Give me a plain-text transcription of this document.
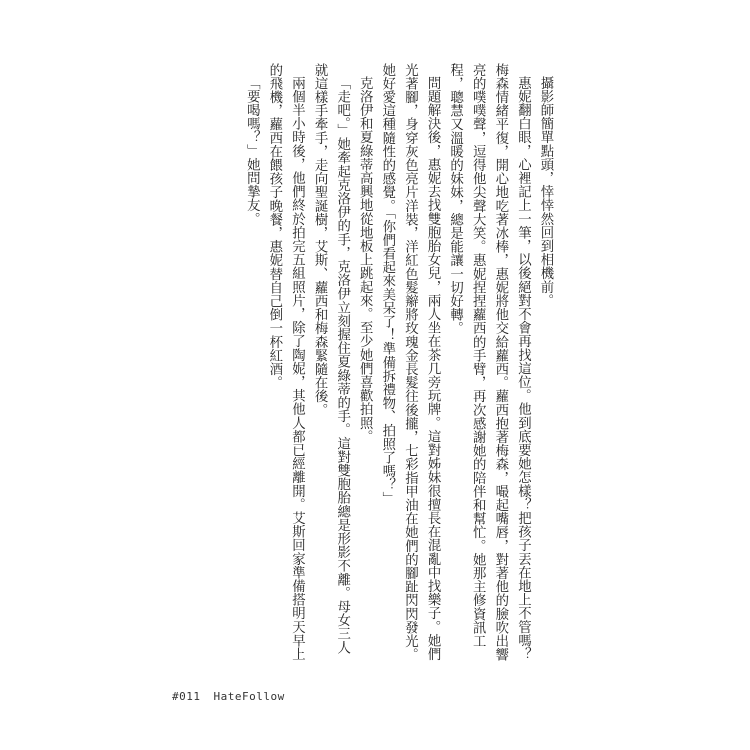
攝影師簡單點頭，悻悻然回到相機前。

惠妮翻白眼，心裡記上一筆，以後絕對不會再找這位。他到底要她怎樣？把孩子丟在地上不管嗎？梅森情緒平復，開心地吃著冰棒，惠妮將他交給蘿西。蘿西抱著梅森，嘬起嘴唇，對著他的臉吹出響亮的噗噗聲，逗得他尖聲大笑。惠妮捏捏蘿西的手臂，再次感謝她的陪伴和幫忙。她那主修資訊工程，聰慧又溫暖的妹妹，總是能讓一切好轉。

問題解決後，惠妮去找雙胞胎女兒，兩人坐在茶几旁玩牌。這對姊妹很擅長在混亂中找樂子。她們光著腳，身穿灰色亮片洋裝，洋紅色髮辮將玫瑰金長髮往後攏，七彩指甲油在她們的腳趾閃閃發光。她好愛這種隨性的感覺。「你們看起來美呆了！準備拆禮物、拍照了嗎？」

克洛伊和夏綠蒂高興地從地板上跳起來。至少她們喜歡拍照。

「走吧。」她牽起克洛伊的手，克洛伊立刻握住夏綠蒂的手。這對雙胞胎總是形影不離。母女三人就這樣手牽手，走向聖誕樹，艾斯、蘿西和梅森緊隨在後。

兩個半小時後，他們終於拍完五組照片，除了陶妮，其他人都已經離開。艾斯回家準備搭明天早上的飛機，蘿西在餵孩子晚餐，惠妮替自己倒一杯紅酒。

「要喝嗎？」她問摯友。

#011 HateFollow
